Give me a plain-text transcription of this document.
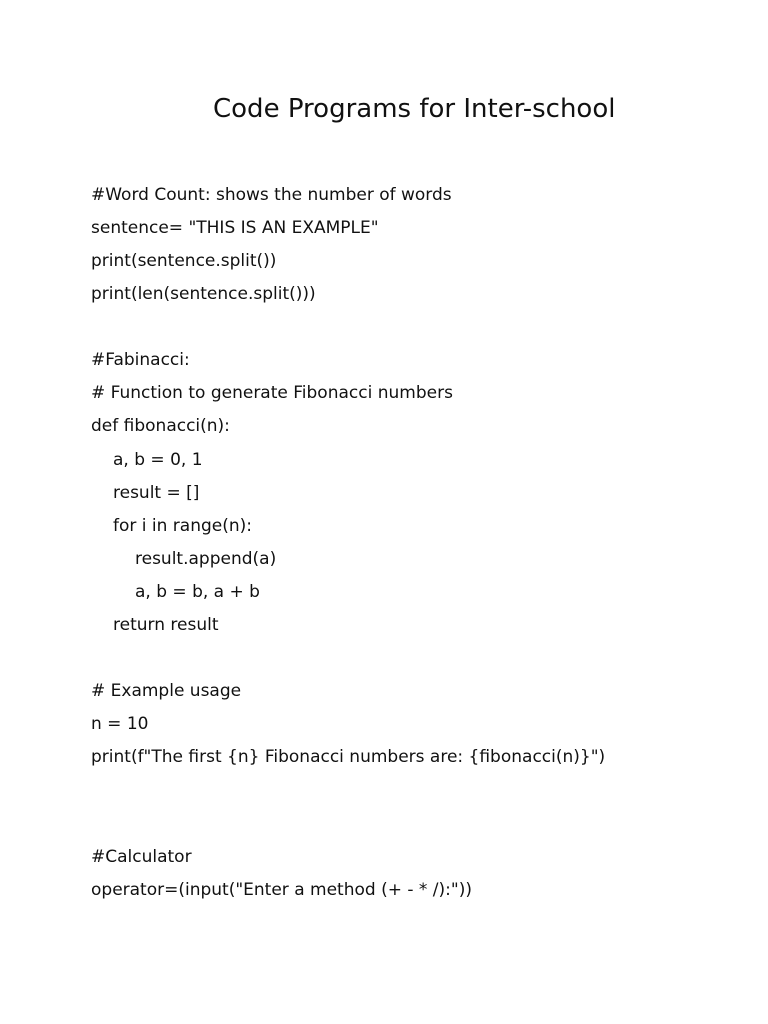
Code Programs for Inter-school
#Word Count: shows the number of words
sentence= "THIS IS AN EXAMPLE"
print(sentence.split())
print(len(sentence.split()))
#Fabinacci:
# Function to generate Fibonacci numbers
def fibonacci(n):
a, b = 0, 1
result = []
for i in range(n):
result.append(a)
a, b = b, a + b
return result
# Example usage
n = 10
print(f"The first {n} Fibonacci numbers are: {fibonacci(n)}")
#Calculator
operator=(input("Enter a method (+ - * /):"))
